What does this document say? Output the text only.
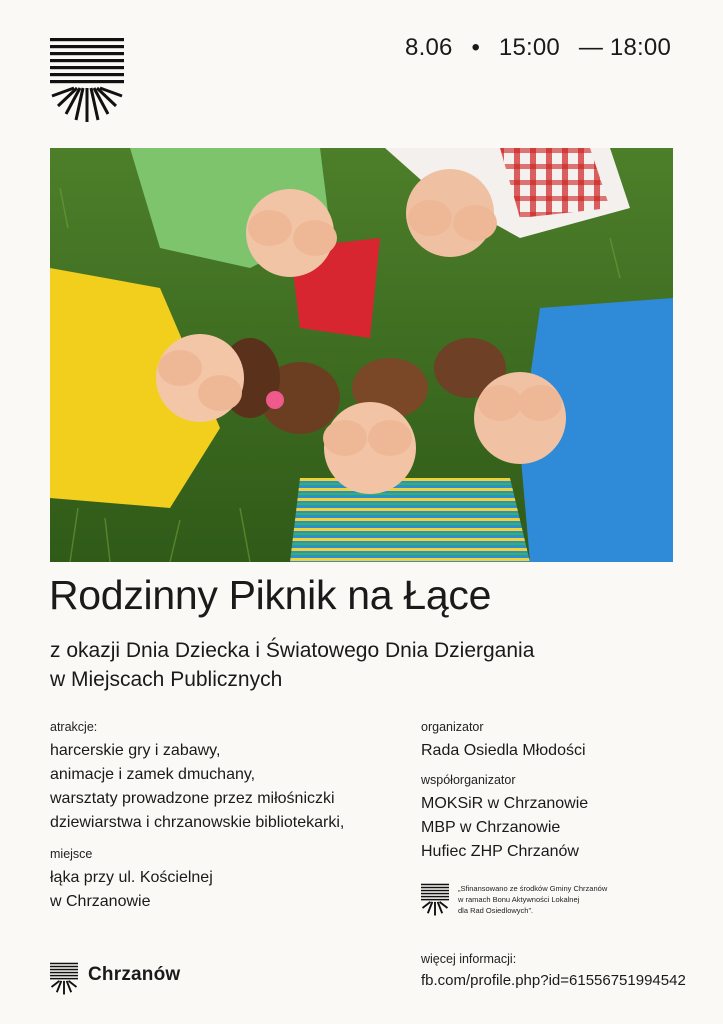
8.06 • 15:00 — 18:00
Rodzinny Piknik na Łące
z okazji Dnia Dziecka i Światowego Dnia Dziergania
w Miejscach Publicznych
atrakcje:
harcerskie gry i zabawy,
animacje i zamek dmuchany,
warsztaty prowadzone przez miłośniczki
dziewiarstwa i chrzanowskie bibliotekarki,
miejsce
łąka przy ul. Kościelnej
w Chrzanowie
organizator
Rada Osiedla Młodości
współorganizator
MOKSiR w Chrzanowie
MBP w Chrzanowie
Hufiec ZHP Chrzanów
„Sfinansowano ze środków Gminy Chrzanów
w ramach Bonu Aktywności Lokalnej
dla Rad Osiedlowych”.
Chrzanów
więcej informacji:
fb.com/profile.php?id=61556751994542
